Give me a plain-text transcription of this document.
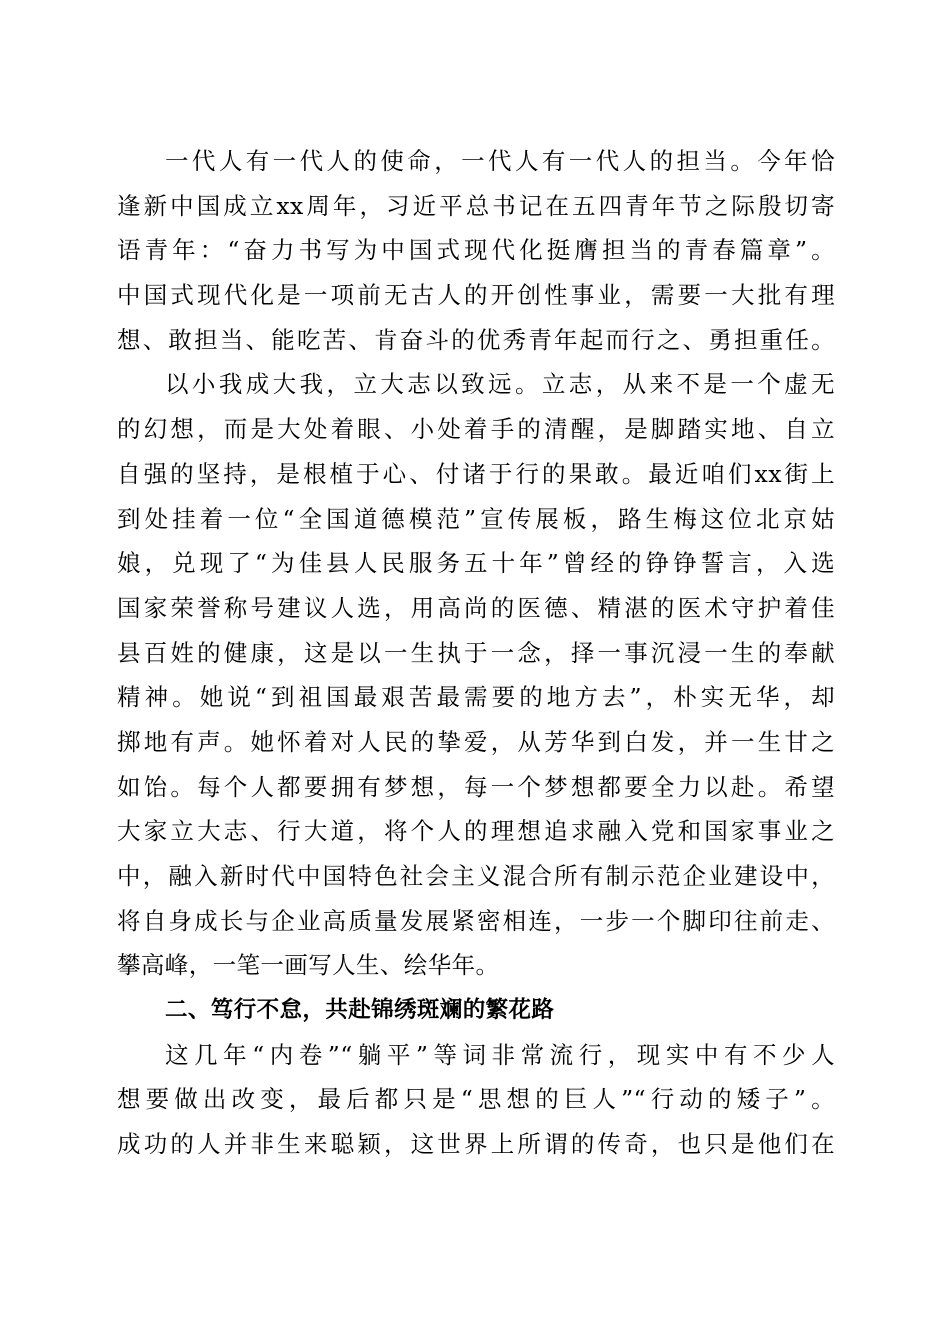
一代人有一代人的使命，一代人有一代人的担当。今年恰
逢新中国成立xx周年，习近平总书记在五四青年节之际殷切寄
语青年：“奋力书写为中国式现代化挺膺担当的青春篇章”。
中国式现代化是一项前无古人的开创性事业，需要一大批有理
想、敢担当、能吃苦、肯奋斗的优秀青年起而行之、勇担重任。
以小我成大我，立大志以致远。立志，从来不是一个虚无
的幻想，而是大处着眼、小处着手的清醒，是脚踏实地、自立
自强的坚持，是根植于心、付诸于行的果敢。最近咱们xx街上
到处挂着一位“全国道德模范”宣传展板，路生梅这位北京姑
娘，兑现了“为佳县人民服务五十年”曾经的铮铮誓言，入选
国家荣誉称号建议人选，用高尚的医德、精湛的医术守护着佳
县百姓的健康，这是以一生执于一念，择一事沉浸一生的奉献
精神。她说“到祖国最艰苦最需要的地方去”，朴实无华，却
掷地有声。她怀着对人民的挚爱，从芳华到白发，并一生甘之
如饴。每个人都要拥有梦想，每一个梦想都要全力以赴。希望
大家立大志、行大道，将个人的理想追求融入党和国家事业之
中，融入新时代中国特色社会主义混合所有制示范企业建设中，
将自身成长与企业高质量发展紧密相连，一步一个脚印往前走、
攀高峰，一笔一画写人生、绘华年。
二、笃行不怠，共赴锦绣斑斓的繁花路
这几年“内卷”“躺平”等词非常流行，现实中有不少人
想要做出改变，最后都只是“思想的巨人”“行动的矮子”。
成功的人并非生来聪颖，这世界上所谓的传奇，也只是他们在
